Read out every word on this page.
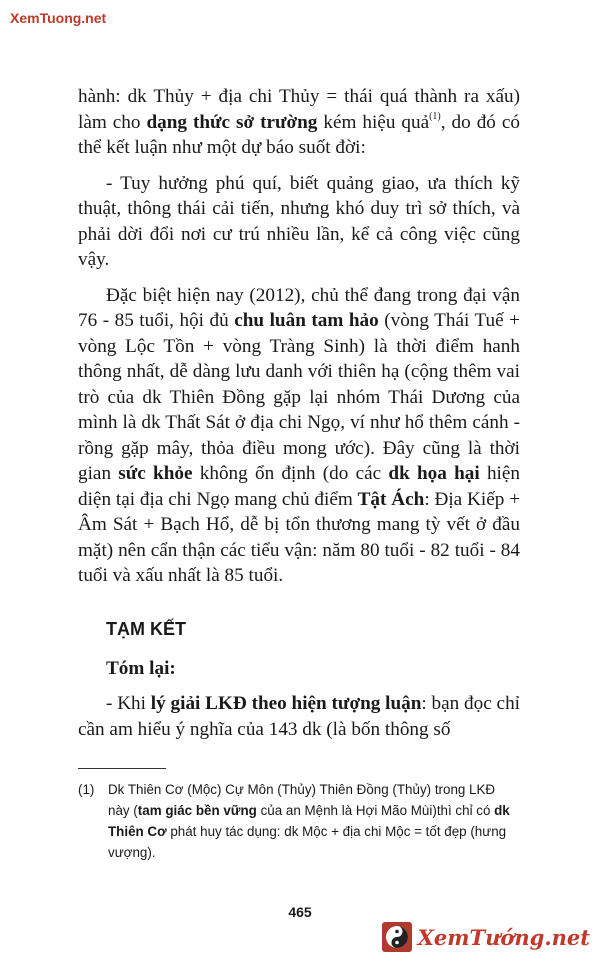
XemTuong.net

hành: dk Thủy + địa chi Thủy = thái quá thành ra xấu) làm cho dạng thức sở trường kém hiệu quả$^{(1)}$, do đó có thể kết luận như một dự báo suốt đời:

- Tuy hưởng phú quí, biết quảng giao, ưa thích kỹ thuật, thông thái cải tiến, nhưng khó duy trì sở thích, và phải dời đổi nơi cư trú nhiều lần, kể cả công việc cũng vậy.

Đặc biệt hiện nay (2012), chủ thể đang trong đại vận 76 - 85 tuổi, hội đủ chu luân tam hảo (vòng Thái Tuế + vòng Lộc Tồn + vòng Tràng Sinh) là thời điểm hanh thông nhất, dễ dàng lưu danh với thiên hạ (cộng thêm vai trò của dk Thiên Đồng gặp lại nhóm Thái Dương của mình là dk Thất Sát ở địa chi Ngọ, ví như hổ thêm cánh - rồng gặp mây, thỏa điều mong ước). Đây cũng là thời gian sức khỏe không ổn định (do các dk họa hại hiện diện tại địa chi Ngọ mang chủ điểm Tật Ách: Địa Kiếp + Âm Sát + Bạch Hổ, dễ bị tổn thương mang tỳ vết ở đầu mặt) nên cẩn thận các tiểu vận: năm 80 tuổi - 82 tuổi - 84 tuổi và xấu nhất là 85 tuổi.

TẠM KẾT

Tóm lại:

- Khi lý giải LKĐ theo hiện tượng luận: bạn đọc chỉ cần am hiểu ý nghĩa của 143 dk (là bốn thông số

(1) Dk Thiên Cơ (Mộc) Cự Môn (Thủy) Thiên Đồng (Thủy) trong LKĐ này (tam giác bền vững của an Mệnh là Hợi Mão Mùi)thì chỉ có dk Thiên Cơ phát huy tác dụng: dk Mộc + địa chi Mộc = tốt đẹp (hưng vượng).

465
XemTướng.net
